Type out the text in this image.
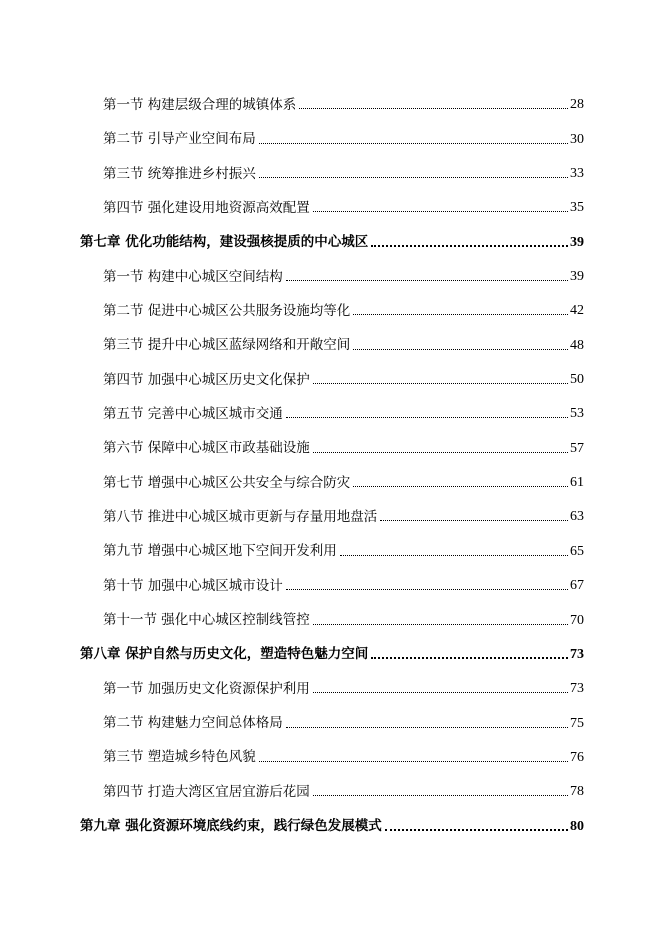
第一节 构建层级合理的城镇体系	28
第二节 引导产业空间布局	30
第三节 统筹推进乡村振兴	33
第四节 强化建设用地资源高效配置	35
第七章 优化功能结构，建设强核提质的中心城区	39
第一节 构建中心城区空间结构	39
第二节 促进中心城区公共服务设施均等化	42
第三节 提升中心城区蓝绿网络和开敞空间	48
第四节 加强中心城区历史文化保护	50
第五节 完善中心城区城市交通	53
第六节 保障中心城区市政基础设施	57
第七节 增强中心城区公共安全与综合防灾	61
第八节 推进中心城区城市更新与存量用地盘活	63
第九节 增强中心城区地下空间开发利用	65
第十节 加强中心城区城市设计	67
第十一节 强化中心城区控制线管控	70
第八章 保护自然与历史文化，塑造特色魅力空间	73
第一节 加强历史文化资源保护利用	73
第二节 构建魅力空间总体格局	75
第三节 塑造城乡特色风貌	76
第四节 打造大湾区宜居宜游后花园	78
第九章 强化资源环境底线约束，践行绿色发展模式	80
